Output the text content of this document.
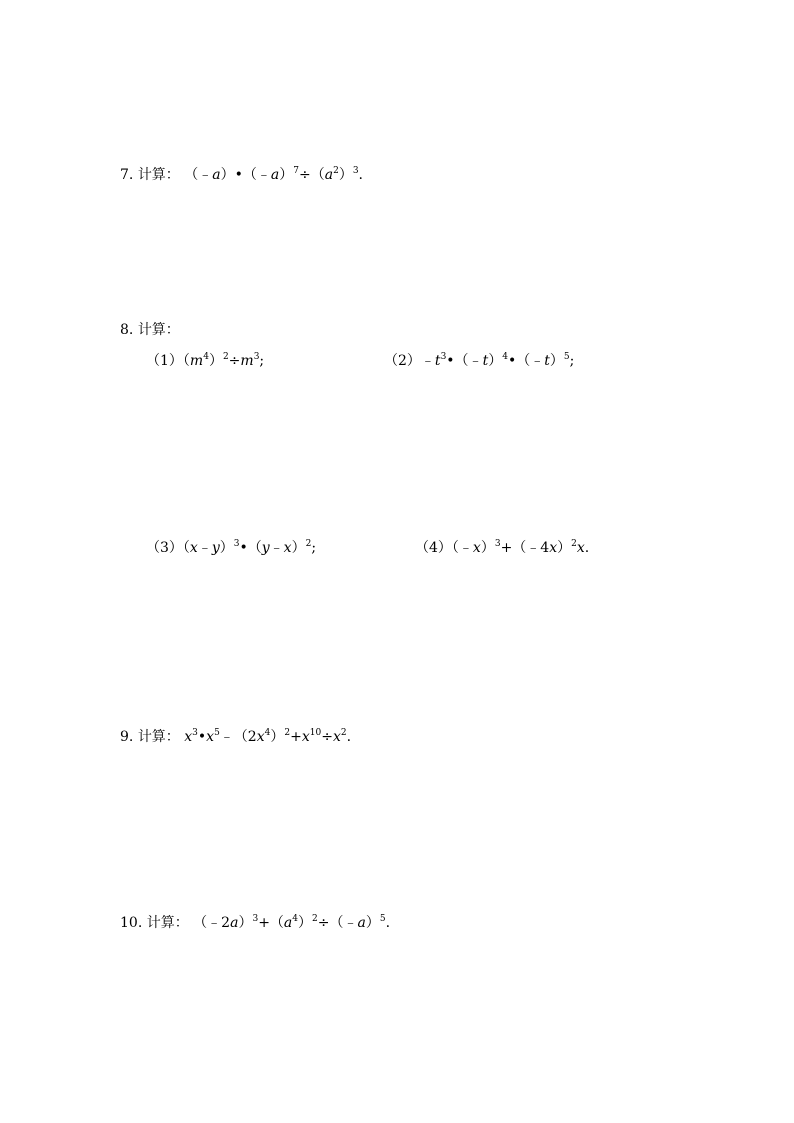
7. 计算： $(﹣a)•(﹣a)^7\div(a^2)^3$.
8. 计算：
$(1)(m^4)^2\div m^3$;	$(2)﹣t^3•(﹣t)^4•(﹣t)^5$;
（3）（x﹣y）$^3$•（y﹣x）$^2$;	（4）（﹣x）$^3$+（﹣4x）$^2$x.
9. 计算： $x^3•x^5﹣(2x^4)^2+x^{10}\div x^2$.
10. 计算： $(﹣2a)^3+(a^4)^2\div(﹣a)^5$.
